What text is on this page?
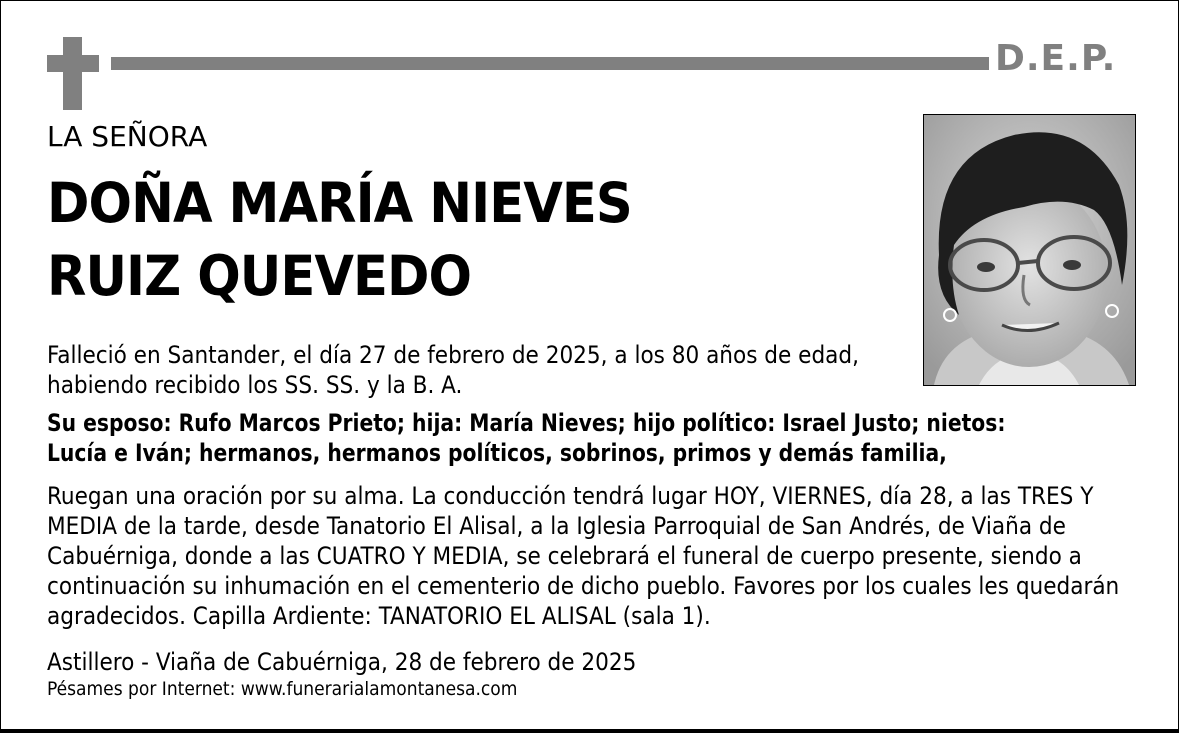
D.E.P.
LA SEÑORA
DOÑA MARÍA NIEVES
RUIZ QUEVEDO
Falleció en Santander, el día 27 de febrero de 2025, a los 80 años de edad, habiendo recibido los SS. SS. y la B. A.
Su esposo: Rufo Marcos Prieto; hija: María Nieves; hijo político: Israel Justo; nietos: Lucía e Iván; hermanos, hermanos políticos, sobrinos, primos y demás familia,
Ruegan una oración por su alma. La conducción tendrá lugar HOY, VIERNES, día 28, a las TRES Y MEDIA de la tarde, desde Tanatorio El Alisal, a la Iglesia Parroquial de San Andrés, de Viaña de Cabuérniga, donde a las CUATRO Y MEDIA, se celebrará el funeral de cuerpo presente, siendo a continuación su inhumación en el cementerio de dicho pueblo. Favores por los cuales les quedarán agradecidos. Capilla Ardiente: TANATORIO EL ALISAL (sala 1).
Astillero - Viaña de Cabuérniga, 28 de febrero de 2025
Pésames por Internet: www.funerarialamontanesa.com
